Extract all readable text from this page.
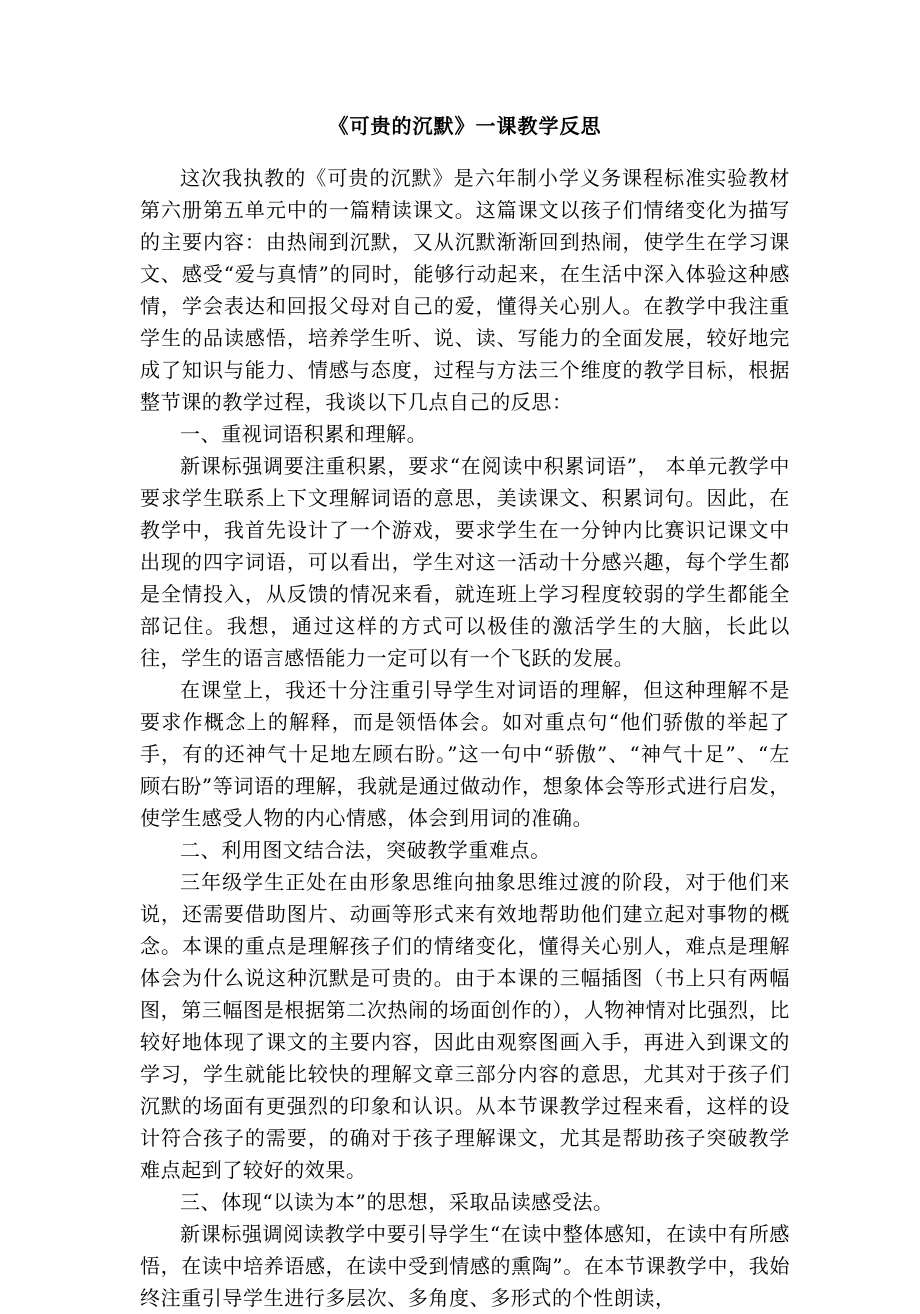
《可贵的沉默》一课教学反思

这次我执教的《可贵的沉默》是六年制小学义务课程标准实验教材第六册第五单元中的一篇精读课文。这篇课文以孩子们情绪变化为描写的主要内容：由热闹到沉默，又从沉默渐渐回到热闹，使学生在学习课文、感受“爱与真情”的同时，能够行动起来，在生活中深入体验这种感情，学会表达和回报父母对自己的爱，懂得关心别人。在教学中我注重学生的品读感悟，培养学生听、说、读、写能力的全面发展，较好地完成了知识与能力、情感与态度，过程与方法三个维度的教学目标，根据整节课的教学过程，我谈以下几点自己的反思：

一、重视词语积累和理解。

新课标强调要注重积累，要求“在阅读中积累词语”， 本单元教学中要求学生联系上下文理解词语的意思，美读课文、积累词句。因此，在教学中，我首先设计了一个游戏，要求学生在一分钟内比赛识记课文中出现的四字词语，可以看出，学生对这一活动十分感兴趣，每个学生都是全情投入，从反馈的情况来看，就连班上学习程度较弱的学生都能全部记住。我想，通过这样的方式可以极佳的激活学生的大脑，长此以往，学生的语言感悟能力一定可以有一个飞跃的发展。

在课堂上，我还十分注重引导学生对词语的理解，但这种理解不是要求作概念上的解释，而是领悟体会。如对重点句“他们骄傲的举起了手，有的还神气十足地左顾右盼。”这一句中“骄傲”、“神气十足”、“左顾右盼”等词语的理解，我就是通过做动作，想象体会等形式进行启发，使学生感受人物的内心情感，体会到用词的准确。

二、利用图文结合法，突破教学重难点。

三年级学生正处在由形象思维向抽象思维过渡的阶段，对于他们来说，还需要借助图片、动画等形式来有效地帮助他们建立起对事物的概念。本课的重点是理解孩子们的情绪变化，懂得关心别人，难点是理解体会为什么说这种沉默是可贵的。由于本课的三幅插图（书上只有两幅图，第三幅图是根据第二次热闹的场面创作的），人物神情对比强烈，比较好地体现了课文的主要内容，因此由观察图画入手，再进入到课文的学习，学生就能比较快的理解文章三部分内容的意思，尤其对于孩子们沉默的场面有更强烈的印象和认识。从本节课教学过程来看，这样的设计符合孩子的需要，的确对于孩子理解课文，尤其是帮助孩子突破教学难点起到了较好的效果。

三、体现“以读为本”的思想，采取品读感受法。

新课标强调阅读教学中要引导学生“在读中整体感知，在读中有所感悟，在读中培养语感，在读中受到情感的熏陶”。在本节课教学中，我始终注重引导学生进行多层次、多角度、多形式的个性朗读，
